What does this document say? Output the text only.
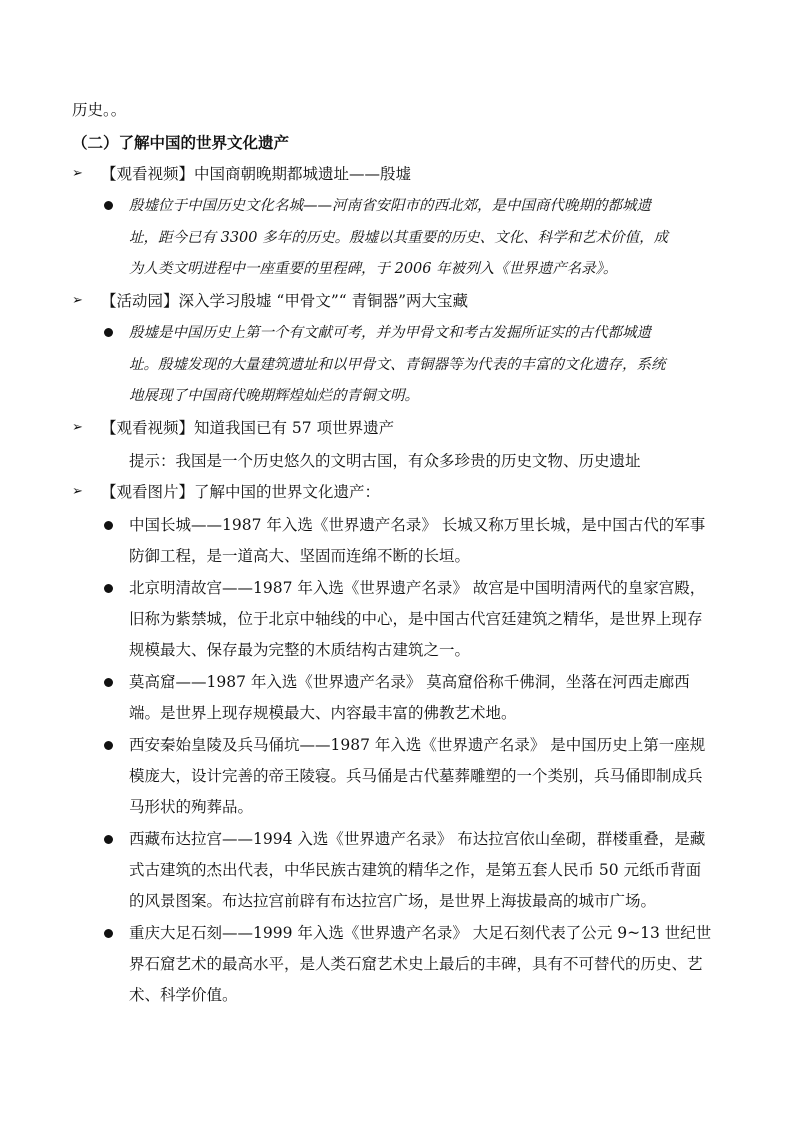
历史。。
（二）了解中国的世界文化遗产
➢ 【观看视频】中国商朝晚期都城遗址——殷墟
殷墟位于中国历史文化名城——河南省安阳市的西北郊，是中国商代晚期的都城遗
址，距今已有 3300 多年的历史。殷墟以其重要的历史、文化、科学和艺术价值，成
为人类文明进程中一座重要的里程碑，于 2006 年被列入《世界遗产名录》。
➢ 【活动园】深入学习殷墟 “甲骨文”“ 青铜器”两大宝藏
殷墟是中国历史上第一个有文献可考，并为甲骨文和考古发掘所证实的古代都城遗
址。殷墟发现的大量建筑遗址和以甲骨文、青铜器等为代表的丰富的文化遗存，系统
地展现了中国商代晚期辉煌灿烂的青铜文明。
➢ 【观看视频】知道我国已有 57 项世界遗产
提示：我国是一个历史悠久的文明古国，有众多珍贵的历史文物、历史遗址
➢ 【观看图片】了解中国的世界文化遗产：
中国长城——1987 年入选《世界遗产名录》 长城又称万里长城，是中国古代的军事
防御工程，是一道高大、坚固而连绵不断的长垣。
北京明清故宫——1987 年入选《世界遗产名录》 故宫是中国明清两代的皇家宫殿，
旧称为紫禁城，位于北京中轴线的中心，是中国古代宫廷建筑之精华，是世界上现存
规模最大、保存最为完整的木质结构古建筑之一。
莫高窟——1987 年入选《世界遗产名录》 莫高窟俗称千佛洞，坐落在河西走廊西
端。是世界上现存规模最大、内容最丰富的佛教艺术地。
西安秦始皇陵及兵马俑坑——1987 年入选《世界遗产名录》 是中国历史上第一座规
模庞大，设计完善的帝王陵寝。兵马俑是古代墓葬雕塑的一个类别，兵马俑即制成兵
马形状的殉葬品。
西藏布达拉宫——1994 入选《世界遗产名录》 布达拉宫依山垒砌，群楼重叠，是藏
式古建筑的杰出代表，中华民族古建筑的精华之作，是第五套人民币 50 元纸币背面
的风景图案。布达拉宫前辟有布达拉宫广场，是世界上海拔最高的城市广场。
重庆大足石刻——1999 年入选《世界遗产名录》 大足石刻代表了公元 9~13 世纪世
界石窟艺术的最高水平，是人类石窟艺术史上最后的丰碑，具有不可替代的历史、艺
术、科学价值。
